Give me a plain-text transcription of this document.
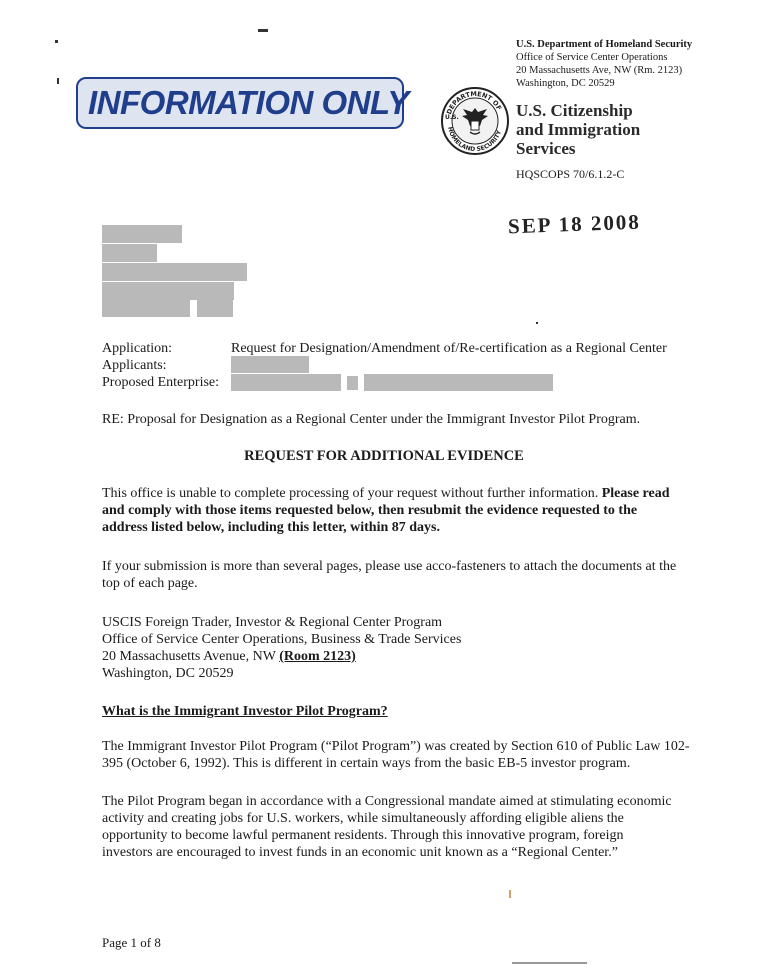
INFORMATION ONLY
U.S. Department of Homeland Security
Office of Service Center Operations
20 Massachusetts Ave, NW (Rm. 2123)
Washington, DC 20529
DEPARTMENT OF
HOMELAND SECURITY
U.S.	U.S. Citizenship
and Immigration
Services
HQSCOPS 70/6.1.2-C
SEP 18 2008
Application:	Request for Designation/Amendment of/Re-certification as a Regional Center
Applicants:
Proposed Enterprise:
RE: Proposal for Designation as a Regional Center under the Immigrant Investor Pilot Program.
REQUEST FOR ADDITIONAL EVIDENCE
This office is unable to complete processing of your request without further information. Please read and comply with those items requested below, then resubmit the evidence requested to the address listed below, including this letter, within 87 days.
If your submission is more than several pages, please use acco-fasteners to attach the documents at the top of each page.
USCIS Foreign Trader, Investor & Regional Center Program
Office of Service Center Operations, Business & Trade Services
20 Massachusetts Avenue, NW (Room 2123)
Washington, DC 20529
What is the Immigrant Investor Pilot Program?
The Immigrant Investor Pilot Program (“Pilot Program”) was created by Section 610 of Public Law 102-395 (October 6, 1992). This is different in certain ways from the basic EB-5 investor program.
The Pilot Program began in accordance with a Congressional mandate aimed at stimulating economic activity and creating jobs for U.S. workers, while simultaneously affording eligible aliens the opportunity to become lawful permanent residents. Through this innovative program, foreign investors are encouraged to invest funds in an economic unit known as a “Regional Center.”
Page 1 of 8
